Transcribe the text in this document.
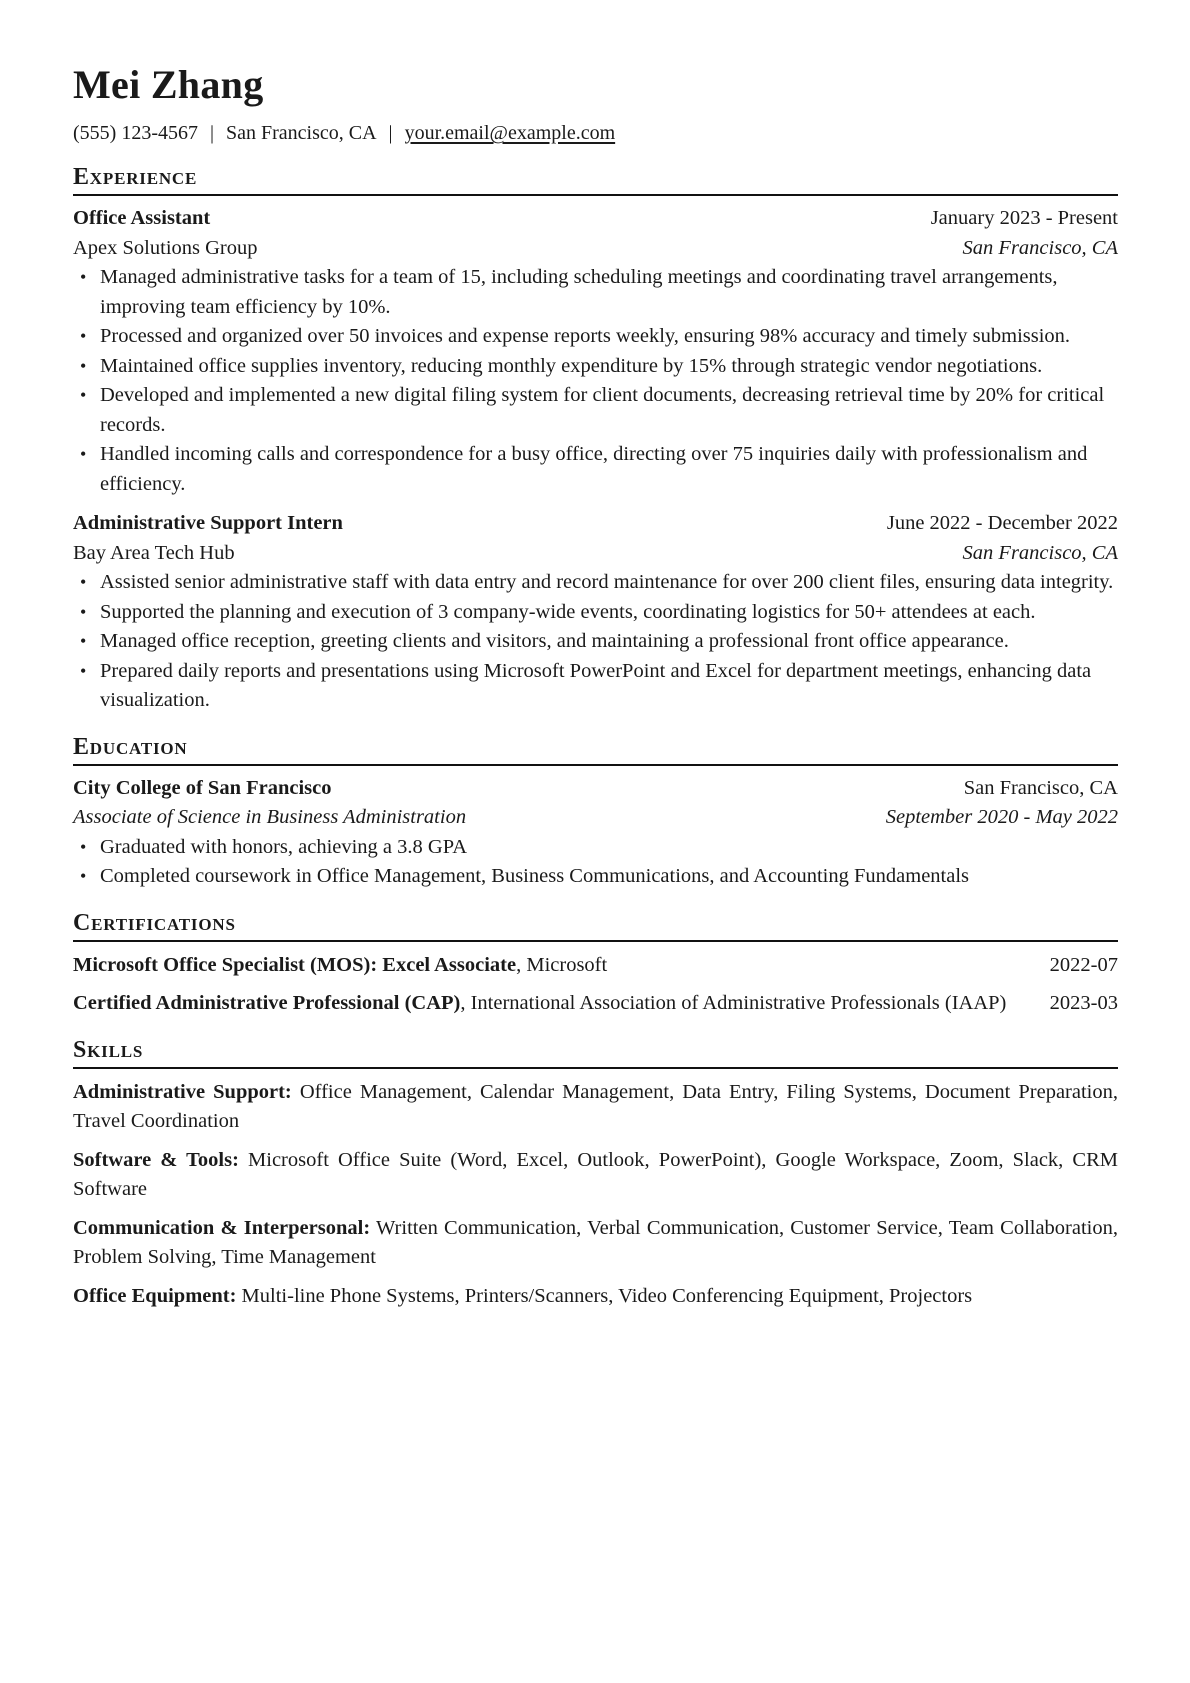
Mei Zhang
(555) 123-4567 | San Francisco, CA | your.email@example.com
Experience
Office Assistant	January 2023 - Present
Apex Solutions Group	San Francisco, CA
• Managed administrative tasks for a team of 15, including scheduling meetings and coordinating travel arrangements, improving team efficiency by 10%.
• Processed and organized over 50 invoices and expense reports weekly, ensuring 98% accuracy and timely submission.
• Maintained office supplies inventory, reducing monthly expenditure by 15% through strategic vendor negotiations.
• Developed and implemented a new digital filing system for client documents, decreasing retrieval time by 20% for critical records.
• Handled incoming calls and correspondence for a busy office, directing over 75 inquiries daily with professionalism and efficiency.
Administrative Support Intern	June 2022 - December 2022
Bay Area Tech Hub	San Francisco, CA
• Assisted senior administrative staff with data entry and record maintenance for over 200 client files, ensuring data integrity.
• Supported the planning and execution of 3 company-wide events, coordinating logistics for 50+ attendees at each.
• Managed office reception, greeting clients and visitors, and maintaining a professional front office appearance.
• Prepared daily reports and presentations using Microsoft PowerPoint and Excel for department meetings, enhancing data visualization.
Education
City College of San Francisco	San Francisco, CA
Associate of Science in Business Administration	September 2020 - May 2022
• Graduated with honors, achieving a 3.8 GPA
• Completed coursework in Office Management, Business Communications, and Accounting Fundamentals
Certifications
Microsoft Office Specialist (MOS): Excel Associate, Microsoft	2022-07
Certified Administrative Professional (CAP), International Association of Administrative Professionals (IAAP)	2023-03
Skills
Administrative Support: Office Management, Calendar Management, Data Entry, Filing Systems, Document Preparation, Travel Coordination
Software & Tools: Microsoft Office Suite (Word, Excel, Outlook, PowerPoint), Google Workspace, Zoom, Slack, CRM Software
Communication & Interpersonal: Written Communication, Verbal Communication, Customer Service, Team Collaboration, Problem Solving, Time Management
Office Equipment: Multi-line Phone Systems, Printers/Scanners, Video Conferencing Equipment, Projectors
